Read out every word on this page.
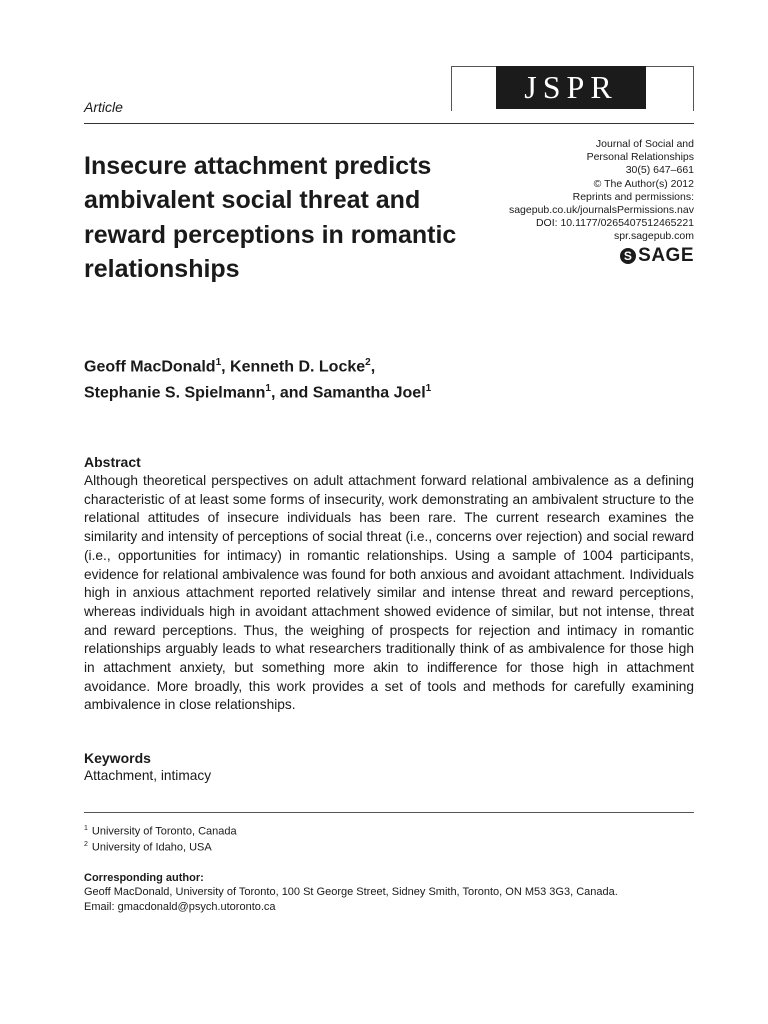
JSPR
Article
Journal of Social and
Personal Relationships
30(5) 647–661
© The Author(s) 2012
Reprints and permissions:
sagepub.co.uk/journalsPermissions.nav
DOI: 10.1177/0265407512465221
spr.sagepub.com
S SAGE
Insecure attachment predicts ambivalent social threat and reward perceptions in romantic relationships
Geoff MacDonald$^1$, Kenneth D. Locke$^2$,
Stephanie S. Spielmann$^1$, and Samantha Joel$^1$
Abstract

Although theoretical perspectives on adult attachment forward relational ambivalence as a defining characteristic of at least some forms of insecurity, work demonstrating an ambivalent structure to the relational attitudes of insecure individuals has been rare. The current research examines the similarity and intensity of perceptions of social threat (i.e., concerns over rejection) and social reward (i.e., opportunities for intimacy) in romantic relationships. Using a sample of 1004 participants, evidence for relational ambivalence was found for both anxious and avoidant attachment. Individuals high in anxious attachment reported relatively similar and intense threat and reward perceptions, whereas individuals high in avoidant attachment showed evidence of similar, but not intense, threat and reward perceptions. Thus, the weighing of prospects for rejection and intimacy in romantic relationships arguably leads to what researchers traditionally think of as ambivalence for those high in attachment anxiety, but something more akin to indifference for those high in attachment avoidance. More broadly, this work provides a set of tools and methods for carefully examining ambivalence in close relationships.

Keywords
Attachment, intimacy
$^1$ University of Toronto, Canada
$^2$ University of Idaho, USA
Corresponding author:
Geoff MacDonald, University of Toronto, 100 St George Street, Sidney Smith, Toronto, ON M53 3G3, Canada.
Email: gmacdonald@psych.utoronto.ca
